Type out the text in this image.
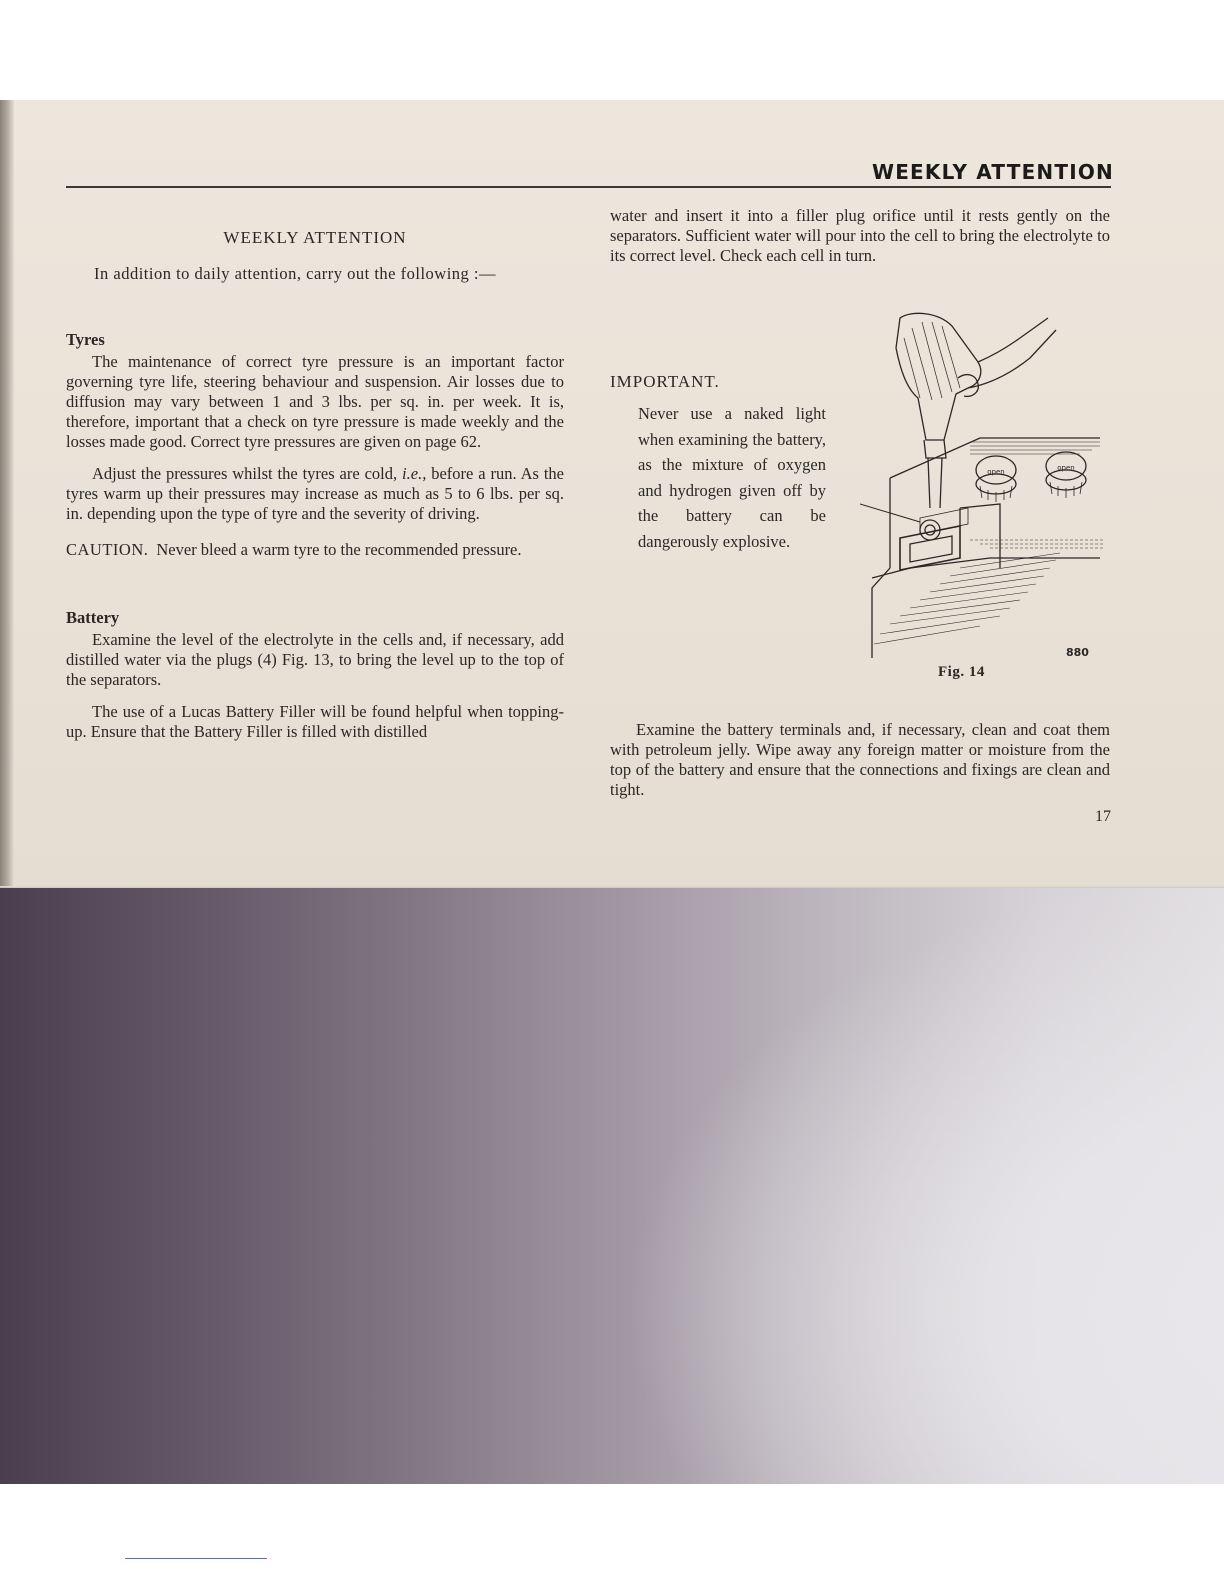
WEEKLY ATTENTION

WEEKLY ATTENTION

In addition to daily attention, carry out the following :—

Tyres

The maintenance of correct tyre pressure is an important factor governing tyre life, steering behaviour and suspension. Air losses due to diffusion may vary between 1 and 3 lbs. per sq. in. per week. It is, therefore, important that a check on tyre pressure is made weekly and the losses made good. Correct tyre pressures are given on page 62.

Adjust the pressures whilst the tyres are cold, i.e., before a run. As the tyres warm up their pressures may increase as much as 5 to 6 lbs. per sq. in. depending upon the type of tyre and the severity of driving.

CAUTION. Never bleed a warm tyre to the recommended pressure.

Battery

Examine the level of the electrolyte in the cells and, if necessary, add distilled water via the plugs (4) Fig. 13, to bring the level up to the top of the separators.

The use of a Lucas Battery Filler will be found helpful when topping-up. Ensure that the Battery Filler is filled with distilled

water and insert it into a filler plug orifice until it rests gently on the separators. Sufficient water will pour into the cell to bring the electrolyte to its correct level. Check each cell in turn.

IMPORTANT.
Never use a naked light when examining the battery, as the mixture of oxygen and hydrogen given off by the battery can be dangerously explosive.
open	open
880
Fig. 14

Examine the battery terminals and, if necessary, clean and coat them with petroleum jelly. Wipe away any foreign matter or moisture from the top of the battery and ensure that the connections and fixings are clean and tight.

17
